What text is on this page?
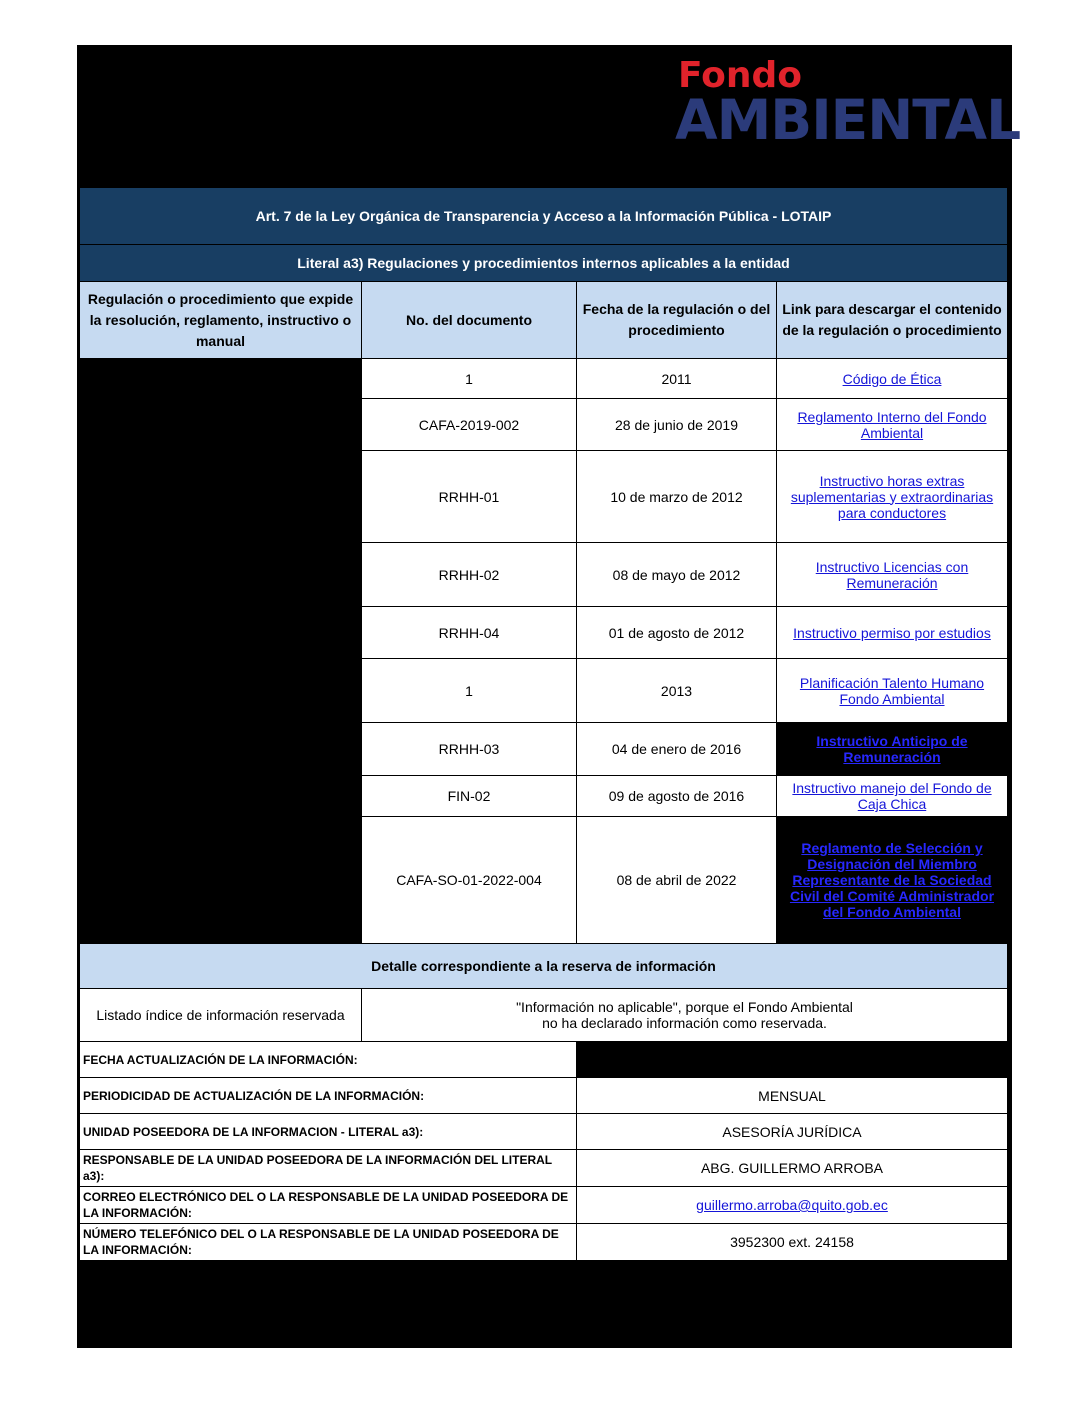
Fondo
AMBIENTAL
Art. 7 de la Ley Orgánica de Transparencia y Acceso a la Información Pública - LOTAIP			
Literal a3) Regulaciones y procedimientos internos aplicables a la entidad			
Regulación o procedimiento que expide la resolución, reglamento, instructivo o manual	No. del documento	Fecha de la regulación o del procedimiento	Link para descargar el contenido de la regulación o procedimiento
	1	2011	Código de Ética
	CAFA-2019-002	28 de junio de 2019	Reglamento Interno del Fondo Ambiental
	RRHH-01	10 de marzo de 2012	Instructivo horas extras suplementarias y extraordinarias para conductores
	RRHH-02	08 de mayo de 2012	Instructivo Licencias con Remuneración
	RRHH-04	01 de agosto de 2012	Instructivo permiso por estudios
	1	2013	Planificación Talento Humano Fondo Ambiental
	RRHH-03	04 de enero de 2016	Instructivo Anticipo de Remuneración
	FIN-02	09 de agosto de 2016	Instructivo manejo del Fondo de Caja Chica
	CAFA-SO-01-2022-004	08 de abril de 2022	Reglamento de Selección y Designación del Miembro Representante de la Sociedad Civil del Comité Administrador del Fondo Ambiental
Detalle correspondiente a la reserva de información			
Listado índice de información reservada	"Información no aplicable", porque el Fondo Ambiental
no ha declarado información como reservada.		
FECHA ACTUALIZACIÓN DE LA INFORMACIÓN:			
PERIODICIDAD DE ACTUALIZACIÓN DE LA INFORMACIÓN:		MENSUAL	
UNIDAD POSEEDORA DE LA INFORMACION - LITERAL a3):		ASESORÍA JURÍDICA	
RESPONSABLE DE LA UNIDAD POSEEDORA DE LA INFORMACIÓN DEL LITERAL a3):		ABG. GUILLERMO ARROBA	
CORREO ELECTRÓNICO DEL O LA RESPONSABLE DE LA UNIDAD POSEEDORA DE LA INFORMACIÓN:		guillermo.arroba@quito.gob.ec	
NÚMERO TELEFÓNICO DEL O LA RESPONSABLE DE LA UNIDAD POSEEDORA DE LA INFORMACIÓN:		3952300 ext. 24158	
